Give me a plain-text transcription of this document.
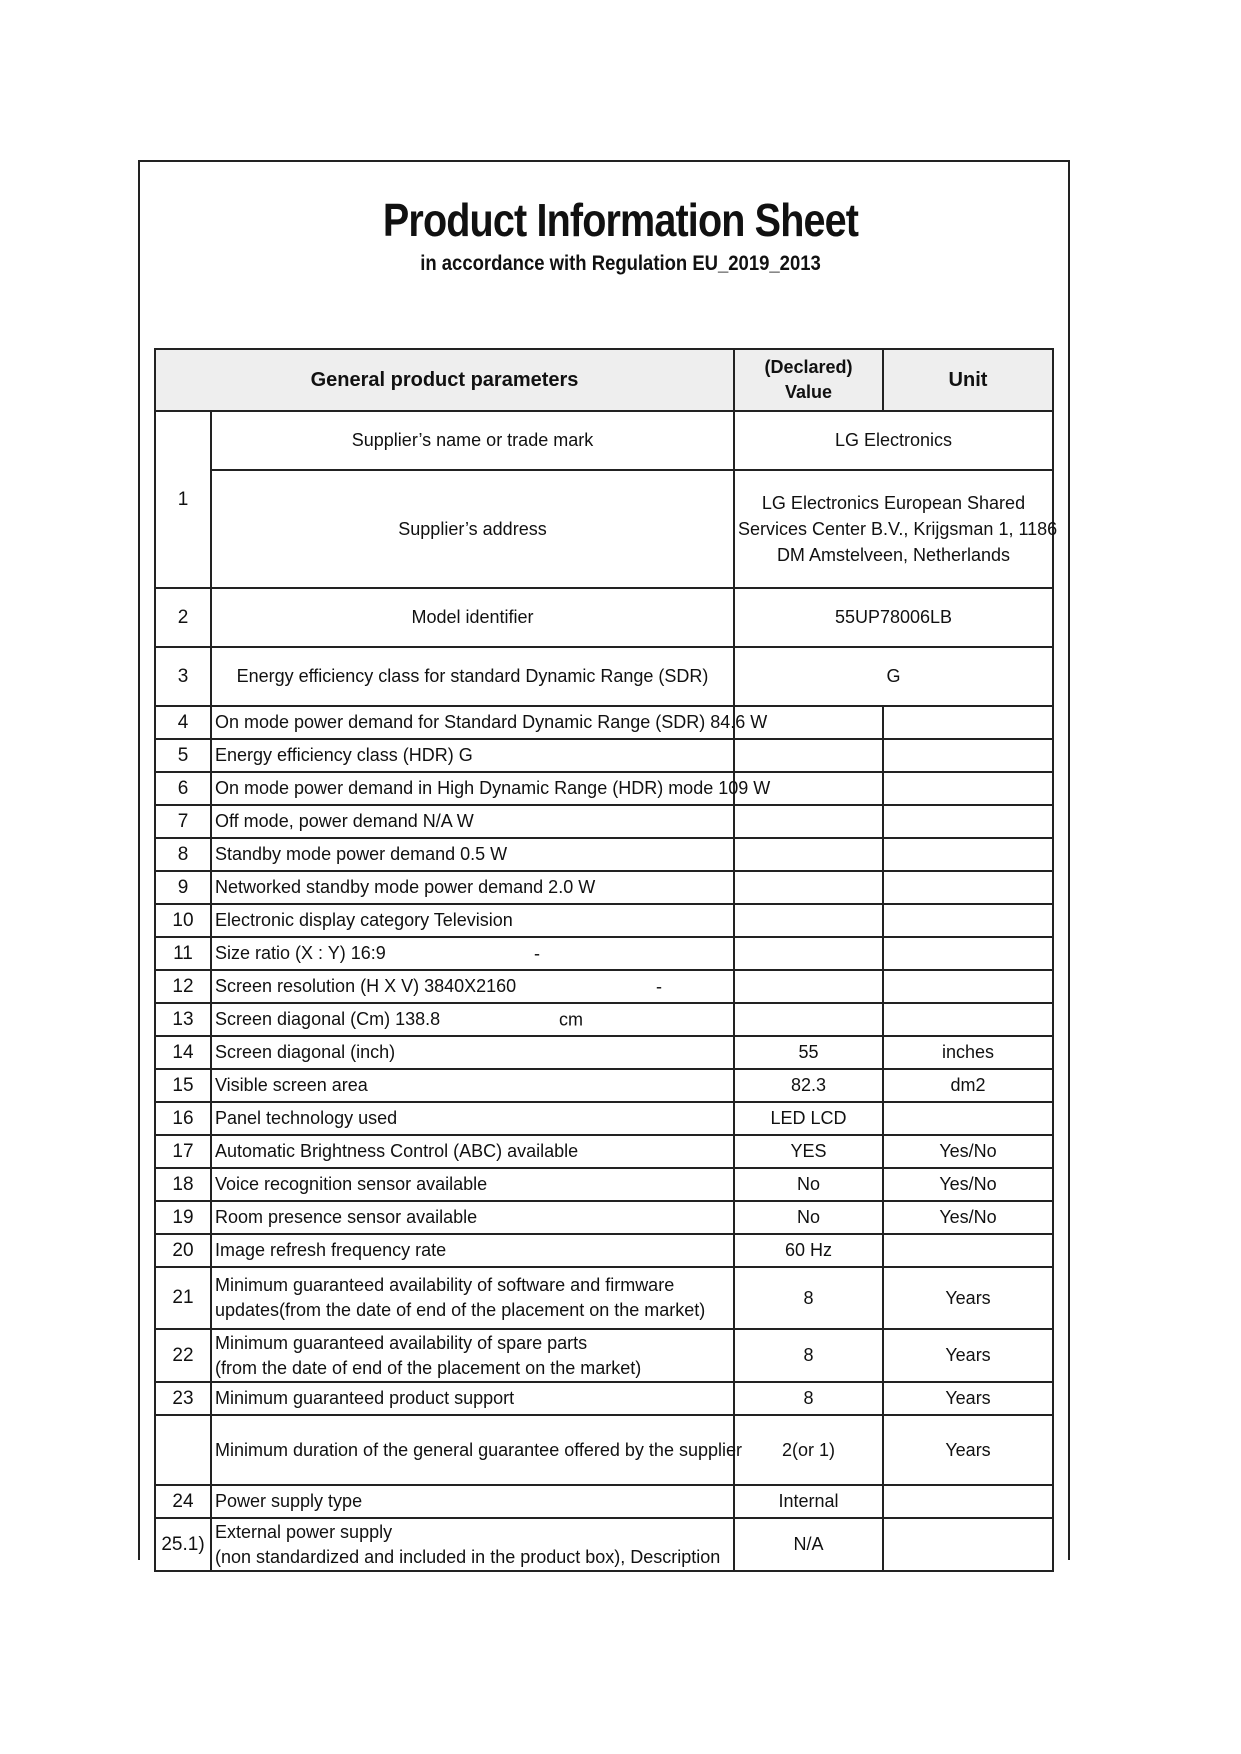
Product Information Sheet
in accordance with Regulation EU_2019_2013
General product parameters		(Declared)
Value	Unit
1	Supplier’s name or trade mark	LG Electronics	
	Supplier’s address	LG Electronics European Shared
Services Center B.V., Krijgsman 1, 1186
DM Amstelveen, Netherlands	

2	Model identifier	55UP78006LB	
3	Energy efficiency class for standard Dynamic Range (SDR)	G	
4	On mode power demand for Standard Dynamic Range (SDR) 84.6 W		

5	Energy efficiency class (HDR) G		

6	On mode power demand in High Dynamic Range (HDR) mode 109 W		

7	Off mode, power demand N/A W		

8	Standby mode power demand 0.5 W		

9	Networked standby mode power demand 2.0 W		

10	Electronic display category Television		

11	Size ratio (X : Y) 16:9 -		

12	Screen resolution (H X V) 3840X2160 -		

13	Screen diagonal (Cm) 138.8 cm		

14	Screen diagonal (inch)	55	inches
15	Visible screen area	82.3	dm2
16	Panel technology used	LED LCD	
17	Automatic Brightness Control (ABC) available	YES	Yes/No
18	Voice recognition sensor available	No	Yes/No
19	Room presence sensor available	No	Yes/No
20	Image refresh frequency rate	60 Hz	
21	Minimum guaranteed availability of software and firmware
updates(from the date of end of the placement on the market)	8	Years
22	Minimum guaranteed availability of spare parts
(from the date of end of the placement on the market)	8	Years
23	Minimum guaranteed product support	8	Years

	Minimum duration of the general guarantee offered by the supplier	2(or 1)	Years
24	Power supply type	Internal	
25.1)	External power supply
(non standardized and included in the product box), Description	N/A	
